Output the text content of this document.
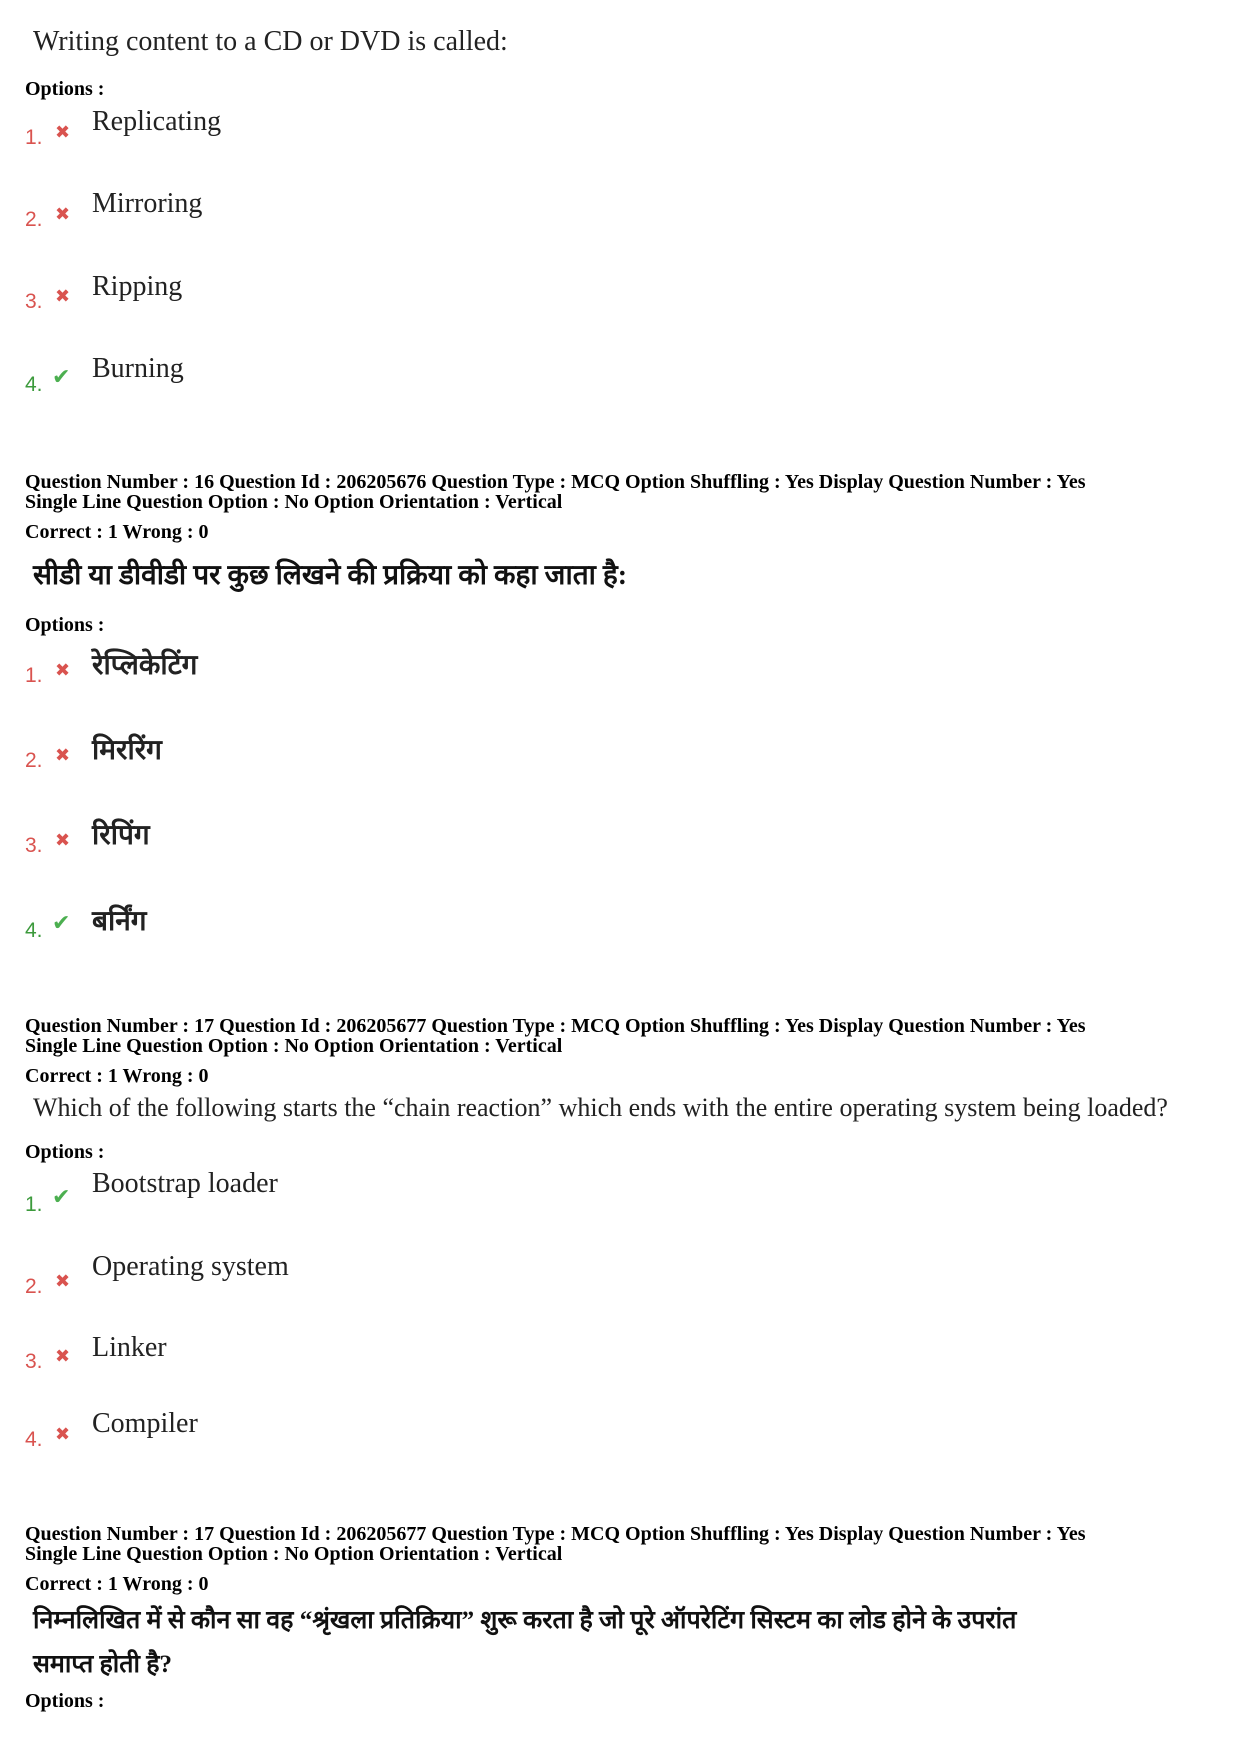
Writing content to a CD or DVD is called:
Options :
1. ✖ Replicating
2. ✖ Mirroring
3. ✖ Ripping
4. ✔ Burning
Question Number : 16 Question Id : 206205676 Question Type : MCQ Option Shuffling : Yes Display Question Number : Yes
Single Line Question Option : No Option Orientation : Vertical
Correct : 1 Wrong : 0
सीडी या डीवीडी पर कुछ लिखने की प्रक्रिया को कहा जाता है:
Options :
1. ✖ रेप्लिकेटिंग
2. ✖ मिररिंग
3. ✖ रिपिंग
4. ✔ बर्निंग
Question Number : 17 Question Id : 206205677 Question Type : MCQ Option Shuffling : Yes Display Question Number : Yes
Single Line Question Option : No Option Orientation : Vertical
Correct : 1 Wrong : 0
Which of the following starts the “chain reaction” which ends with the entire operating system being loaded?
Options :
1. ✔ Bootstrap loader
2. ✖ Operating system
3. ✖ Linker
4. ✖ Compiler
Question Number : 17 Question Id : 206205677 Question Type : MCQ Option Shuffling : Yes Display Question Number : Yes
Single Line Question Option : No Option Orientation : Vertical
Correct : 1 Wrong : 0
निम्नलिखित में से कौन सा वह “श्रृंखला प्रतिक्रिया” शुरू करता है जो पूरे ऑपरेटिंग सिस्टम का लोड होने के उपरांत
समाप्त होती है?
Options :
